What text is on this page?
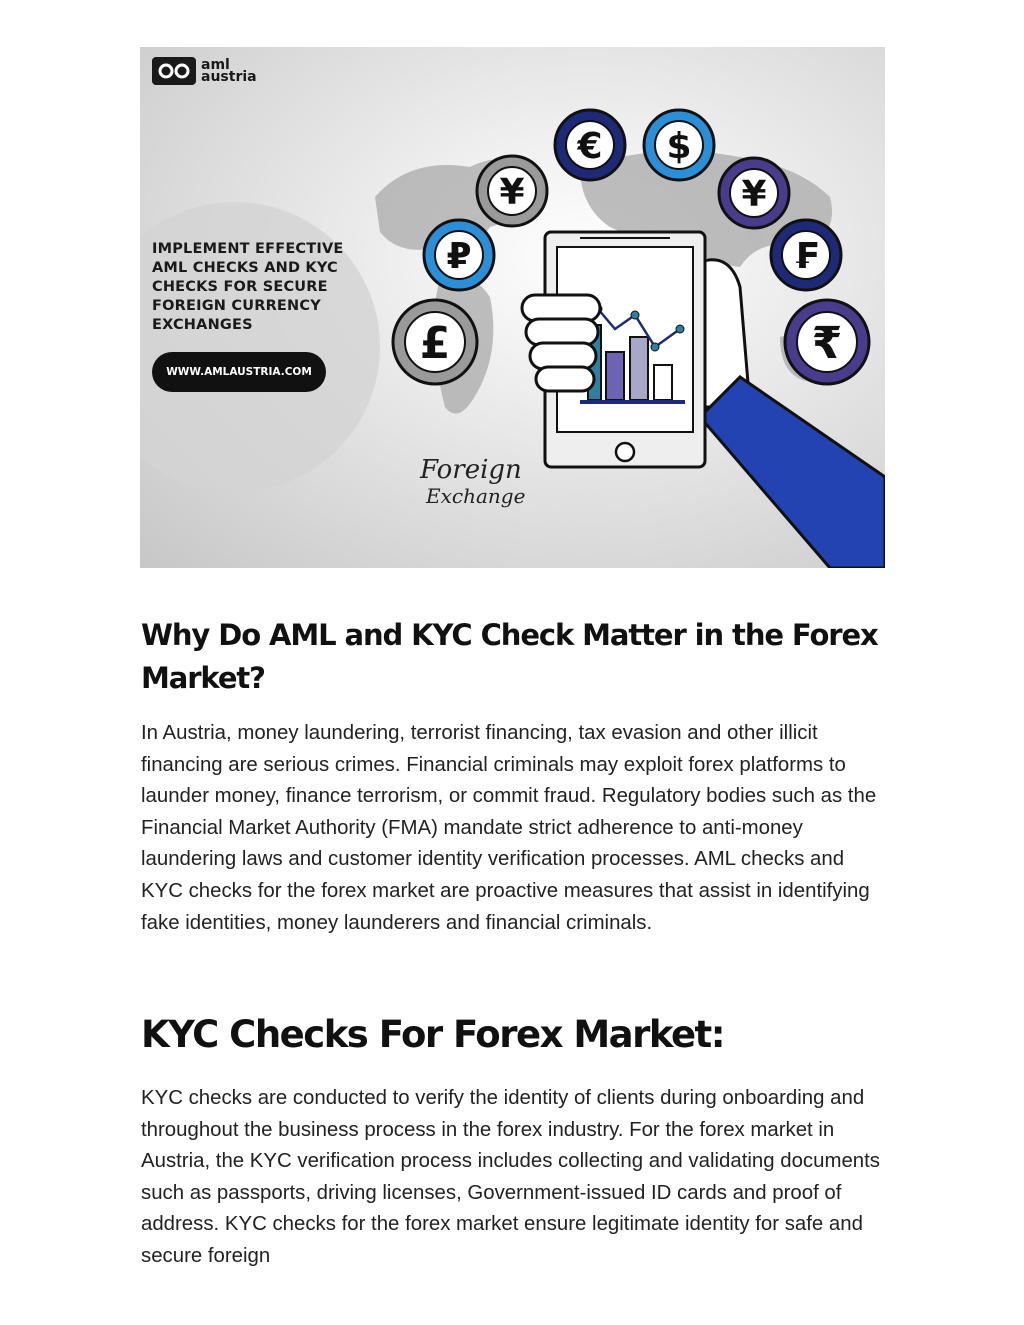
€ $
¥	¥
₽	₣
£	₹
aml
austria
IMPLEMENT EFFECTIVE
AML CHECKS AND KYC
CHECKS FOR SECURE
FOREIGN CURRENCY
EXCHANGES
WWW.AMLAUSTRIA.COM
Foreign
Exchange
Why Do AML and KYC Check Matter in the Forex Market?

In Austria, money laundering, terrorist financing, tax evasion and other illicit financing are serious crimes. Financial criminals may exploit forex platforms to launder money, finance terrorism, or commit fraud. Regulatory bodies such as the Financial Market Authority (FMA) mandate strict adherence to anti-money laundering laws and customer identity verification processes. AML checks and KYC checks for the forex market are proactive measures that assist in identifying fake identities, money launderers and financial criminals.

KYC Checks For Forex Market:

KYC checks are conducted to verify the identity of clients during onboarding and throughout the business process in the forex industry. For the forex market in Austria, the KYC verification process includes collecting and validating documents such as passports, driving licenses, Government-issued ID cards and proof of address. KYC checks for the forex market ensure legitimate identity for safe and secure foreign
